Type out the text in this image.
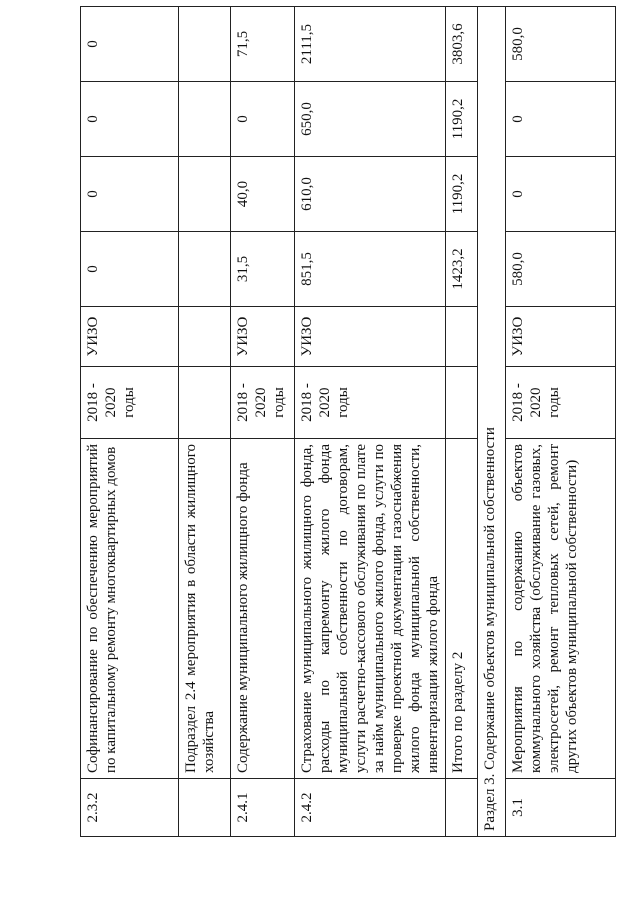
2.3.2	Софинансирование по обеспечению мероприятий по капитальному ремонту многоквартирных домов	2018 - 2020 годы	УИЗО	0	0	0	0
	Подраздел 2.4 мероприятия в области жилищного хозяйства						
2.4.1	Содержание муниципального жилищного фонда	2018 - 2020 годы	УИЗО	31,5	40,0	0	71,5
2.4.2	Страхование муниципального жилищного фонда, расходы по капремонту жилого фонда муниципальной собственности по договорам, услуги расчетно-кассового обслуживания по плате за найм муниципального жилого фонда, услуги по проверке проектной документации газоснабжения жилого фонда муниципальной собственности, инвентаризации жилого фонда	2018 - 2020 годы	УИЗО	851,5	610,0	650,0	2111,5
	Итого по разделу 2			1423,2	1190,2	1190,2	3803,6
Раздел 3. Содержание объектов муниципальной собственности							
3.1	Мероприятия по содержанию объектов коммунального хозяйства (обслуживание газовых, электросетей, ремонт тепловых сетей, ремонт других объектов муниципальной собственности)	2018 - 2020 годы	УИЗО	580,0	0	0	580,0
